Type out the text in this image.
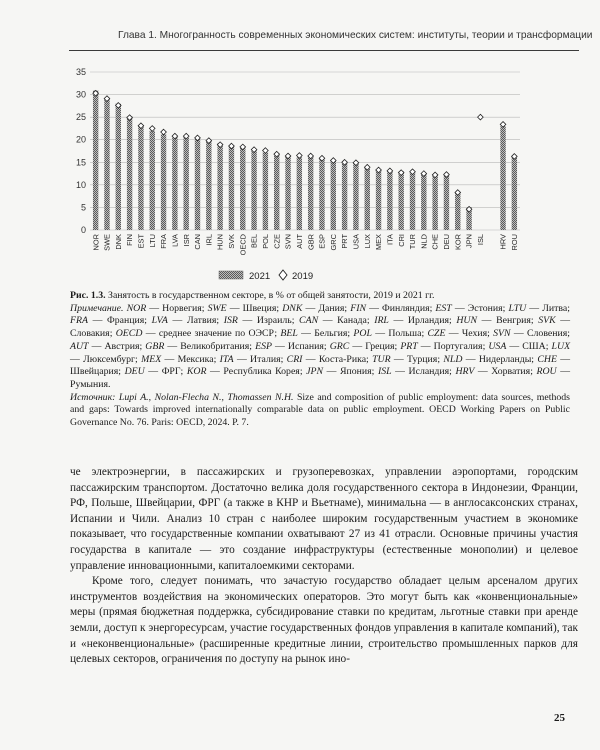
Глава 1. Многогранность современных экономических систем: институты, теории и трансформации
0
5
10
15
20
25
30
35
NOR SWE DNK FIN EST LTU FRA LVA ISR CAN IRL HUN SVK OECD BEL POL CZE SVN AUT GBR ESP GRC PRT USA LUX MEX ITA CRI TUR NLD CHE DEU KOR JPN ISL HRV ROU
2021 2019

Рис. 1.3. Занятость в государственном секторе, в % от общей занятости, 2019 и 2021 гг.

Примечание. NOR — Норвегия; SWE — Швеция; DNK — Дания; FIN — Финляндия; EST — Эстония; LTU — Литва; FRA — Франция; LVA — Латвия; ISR — Израиль; CAN — Канада; IRL — Ирландия; HUN — Венгрия; SVK — Словакия; OECD — среднее значение по ОЭСР; BEL — Бельгия; POL — Польша; CZE — Чехия; SVN — Словения; AUT — Австрия; GBR — Великобритания; ESP — Испания; GRC — Греция; PRT — Португалия; USA — США; LUX — Люксембург; MEX — Мексика; ITA — Италия; CRI — Коста-Рика; TUR — Турция; NLD — Нидерланды; CHE — Швейцария; DEU — ФРГ; KOR — Республика Корея; JPN — Япония; ISL — Исландия; HRV — Хорватия; ROU — Румыния.

Источник: Lupi A., Nolan-Flecha N., Thomassen N.H. Size and composition of public employment: data sources, methods and gaps: Towards improved internationally comparable data on public employment. OECD Working Papers on Public Governance No. 76. Paris: OECD, 2024. P. 7.

че электроэнергии, в пассажирских и грузоперевозках, управлении аэропортами, городским пассажирским транспортом. Достаточно велика доля государственного сектора в Индонезии, Франции, РФ, Польше, Швейцарии, ФРГ (а также в КНР и Вьетнаме), минимальна — в англосаксонских странах, Испании и Чили. Анализ 10 стран с наиболее широким государственным участием в экономике показывает, что государственные компании охватывают 27 из 41 отрасли. Основные причины участия государства в капитале — это создание инфраструктуры (естественные монополии) и целевое управление инновационными, капиталоемкими секторами.

Кроме того, следует понимать, что зачастую государство обладает целым арсеналом других инструментов воздействия на экономических операторов. Это могут быть как «конвенциональные» меры (прямая бюджетная поддержка, субсидирование ставки по кредитам, льготные ставки при аренде земли, доступ к энергоресурсам, участие государственных фондов управления в капитале компаний), так и «неконвенциональные» (расширенные кредитные линии, строительство промышленных парков для целевых секторов, ограничения по доступу на рынок ино-

25
